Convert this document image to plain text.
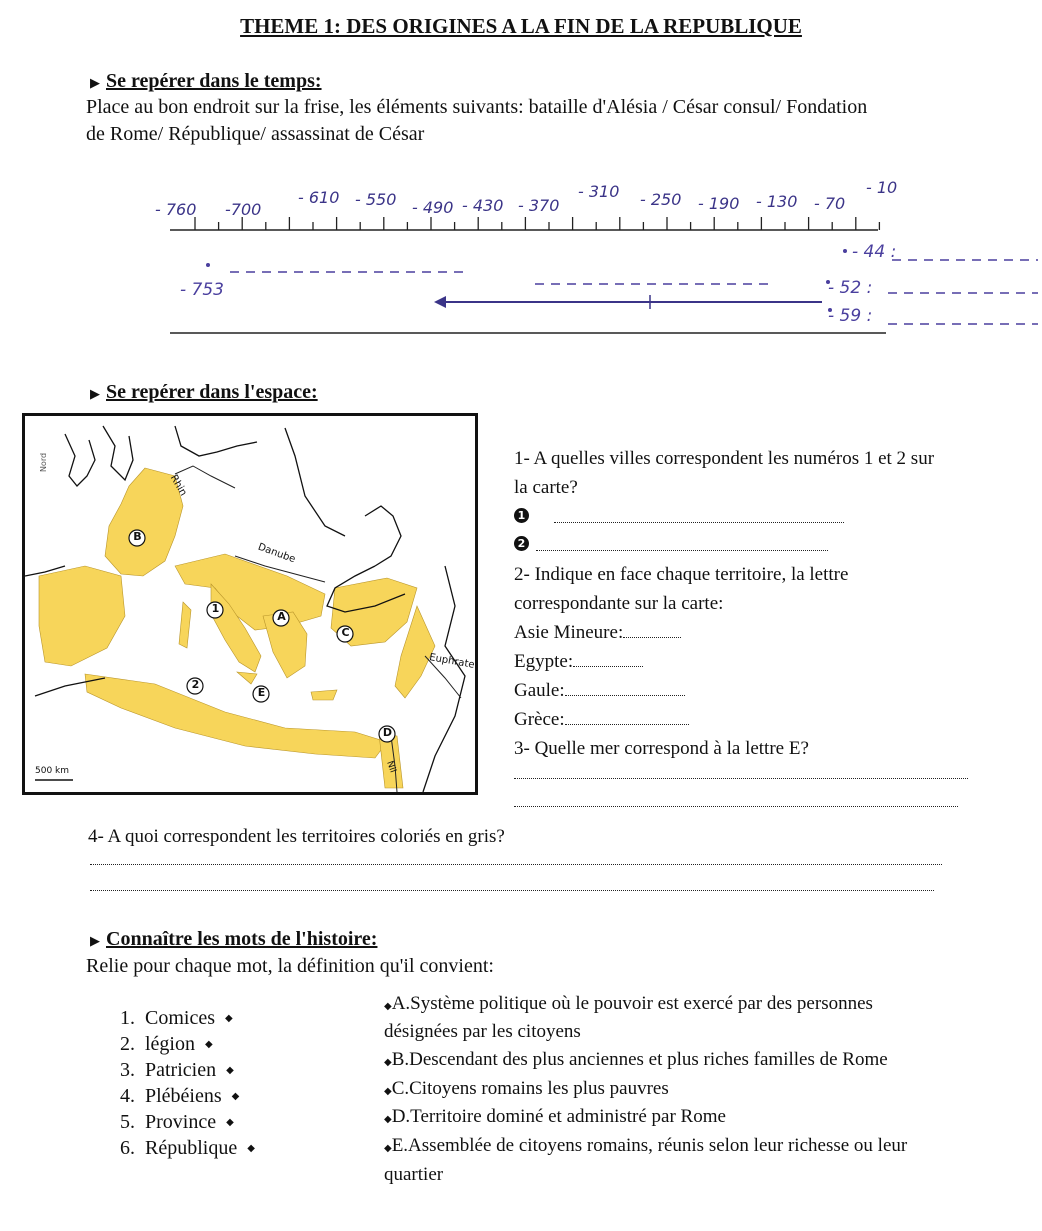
THEME 1: DES ORIGINES A LA FIN DE LA REPUBLIQUE
▶ Se repérer dans le temps:
Place au bon endroit sur la frise, les éléments suivants: bataille d'Alésia / César consul/ Fondation
de Rome/ République/ assassinat de César
- 760 -700
- 610 - 550 - 490 - 430 - 370
- 310 - 250 - 190 - 130 - 70
- 10
- 753
- 44 :
- 52 :
- 59 :
▶ Se repérer dans l'espace:
Nord
Rhin
Danube
Euphrate
Nil
500 km
B
1
A
C
2
E
D
1- A quelles villes correspondent les numéros 1 et 2 sur
la carte?
1
2
2- Indique en face chaque territoire, la lettre
correspondante sur la carte:
Asie Mineure:
Egypte:
Gaule:
Grèce:
3- Quelle mer correspond à la lettre E?
4- A quoi correspondent les territoires coloriés en gris?
▶ Connaître les mots de l'histoire:
Relie pour chaque mot, la définition qu'il convient:
1.  Comices ◆
2.  légion ◆
3.  Patricien ◆
4.  Plébéiens ◆
5.  Province ◆
6.  République ◆
◆A.Système politique où le pouvoir est exercé par des personnes
désignées par les citoyens
◆B.Descendant des plus anciennes et plus riches familles de Rome
◆C.Citoyens romains les plus pauvres
◆D.Territoire dominé et administré par Rome
◆E.Assemblée de citoyens romains, réunis selon leur richesse ou leur
quartier
